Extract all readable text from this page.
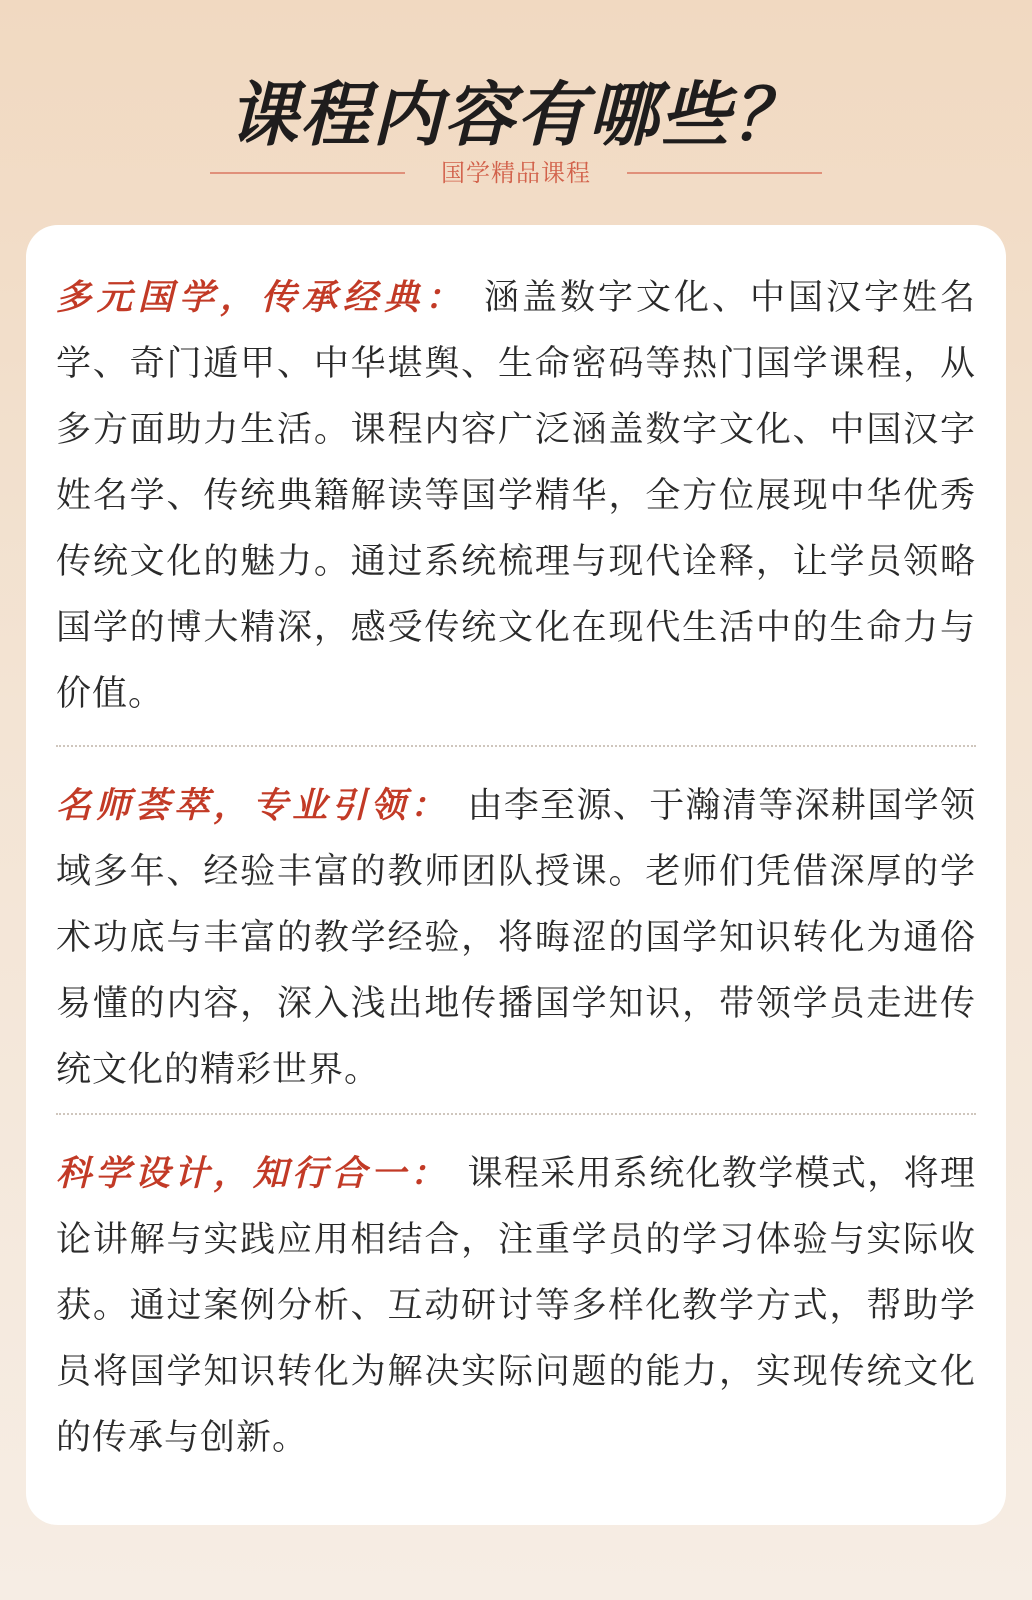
课程内容有哪些？
国学精品课程
多元国学，传承经典： 涵盖数字文化、中国汉字姓名学、奇门遁甲、中华堪舆、生命密码等热门国学课程，从多方面助力生活。课程内容广泛涵盖数字文化、中国汉字姓名学、传统典籍解读等国学精华，全方位展现中华优秀传统文化的魅力。通过系统梳理与现代诠释，让学员领略国学的博大精深，感受传统文化在现代生活中的生命力与价值。
名师荟萃，专业引领： 由李至源、于瀚清等深耕国学领域多年、经验丰富的教师团队授课。老师们凭借深厚的学术功底与丰富的教学经验，将晦涩的国学知识转化为通俗易懂的内容，深入浅出地传播国学知识，带领学员走进传统文化的精彩世界。
科学设计，知行合一： 课程采用系统化教学模式，将理论讲解与实践应用相结合，注重学员的学习体验与实际收获。通过案例分析、互动研讨等多样化教学方式，帮助学员将国学知识转化为解决实际问题的能力，实现传统文化的传承与创新。
